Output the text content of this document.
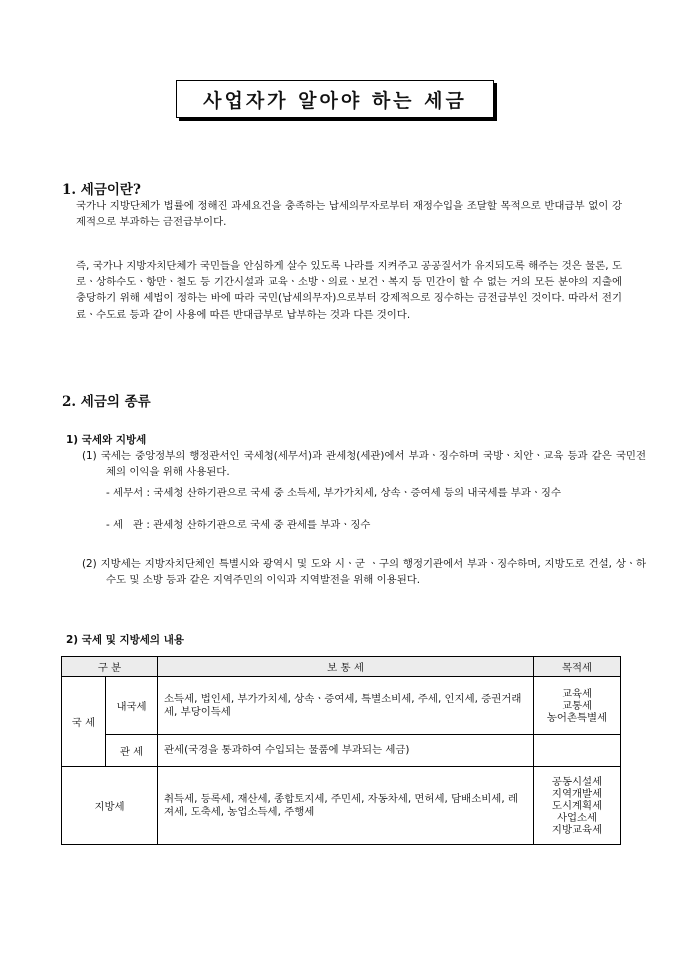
사업자가 알아야 하는 세금
1. 세금이란?
국가나 지방단체가 법률에 정해진 과세요건을 충족하는 납세의무자로부터 재정수입을 조달할 목적으로 반대급부 없이 강제적으로 부과하는 금전급부이다.
즉, 국가나 지방자치단체가 국민들을 안심하게 살수 있도록 나라를 지켜주고 공공질서가 유지되도록 해주는 것은 물론, 도로ㆍ상하수도ㆍ항만ㆍ철도 등 기간시설과 교육ㆍ소방ㆍ의료ㆍ보건ㆍ복지 등 민간이 할 수 없는 거의 모든 분야의 지출에 충당하기 위해 세법이 정하는 바에 따라 국민(납세의무자)으로부터 강제적으로 징수하는 금전급부인 것이다. 따라서 전기료ㆍ수도료 등과 같이 사용에 따른 반대급부로 납부하는 것과 다른 것이다.
2. 세금의 종류
1) 국세와 지방세
(1) 국세는 중앙정부의 행정관서인 국세청(세무서)과 관세청(세관)에서 부과ㆍ징수하며 국방ㆍ치안ㆍ교육 등과 같은 국민전체의 이익을 위해 사용된다.
- 세무서 : 국세청 산하기관으로 국세 중 소득세, 부가가치세, 상속ㆍ증여세 등의 내국세를 부과ㆍ징수
- 세   관 : 관세청 산하기관으로 국세 중 관세를 부과ㆍ징수
(2) 지방세는 지방자치단체인 특별시와 광역시 및 도와 시ㆍ군 ㆍ구의 행정기관에서 부과ㆍ징수하며, 지방도로 건설, 상ㆍ하수도 및 소방 등과 같은 지역주민의 이익과 지역발전을 위해 이용된다.
2) 국세 및 지방세의 내용
구 분		보 통 세	목적세
국 세	내국세	소득세, 법인세, 부가가치세, 상속ㆍ증여세, 특별소비세, 주세, 인지세, 증권거래세, 부당이득세	교육세
교통세
농어촌특별세

	관 세	관세(국경을 통과하여 수입되는 물품에 부과되는 세금)	
지방세		취득세, 등록세, 재산세, 종합토지세, 주민세, 자동차세, 면허세, 담배소비세, 레져세, 도축세, 농업소득세, 주행세	공동시설세
지역개발세
도시계획세
사업소세
지방교육세
